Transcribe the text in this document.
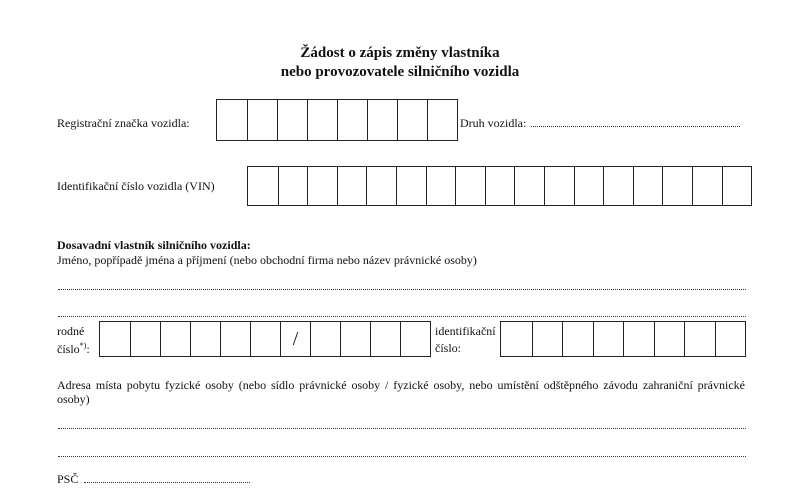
Žádost o zápis změny vlastníka
nebo provozovatele silničního vozidla
Registrační značka vozidla:	Druh vozidla:
Identifikační číslo vozidla (VIN)
Dosavadní vlastník silničního vozidla:
Jméno, popřípadě jména a příjmení (nebo obchodní firma nebo název právnické osoby)
rodné
číslo*):	/	identifikační
číslo:
Adresa místa pobytu fyzické osoby (nebo sídlo právnické osoby / fyzické osoby, nebo umístění odštěpného závodu zahraniční právnické osoby)
PSČ
